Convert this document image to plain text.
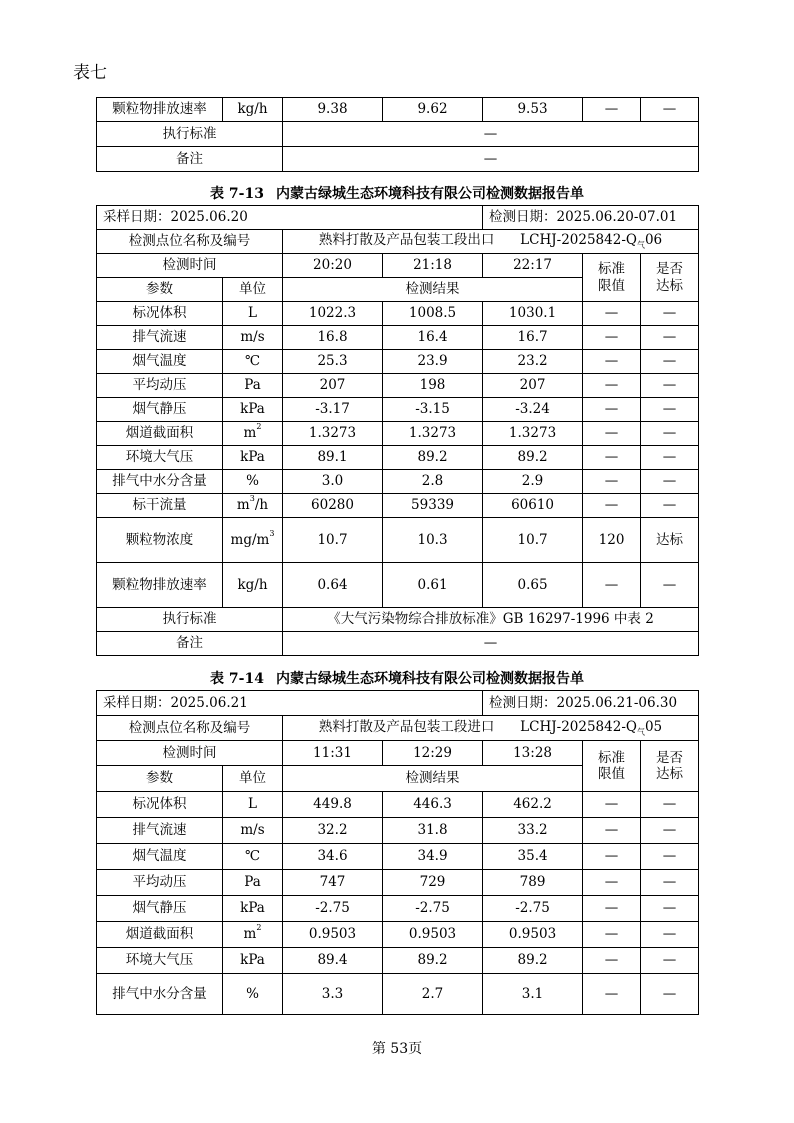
表七
颗粒物排放速率	kg/h	9.38	9.62	9.53	—	—
执行标准		—				
备注		—				
表 7-13 内蒙古绿城生态环境科技有限公司检测数据报告单
采样日期：2025.06.20				检测日期：2025.06.20-07.01		
检测点位名称及编号		熟料打散及产品包装工段出口 LCHJ-$2025842-Q_气06$				
检测时间		20:20	21:18	22:17	标准限值	是否达标
参数	单位	检测结果				
标况体积	L	1022.3	1008.5	1030.1	—	—
排气流速	m/s	16.8	16.4	16.7	—	—
烟气温度	℃	25.3	23.9	23.2	—	—
平均动压	Pa	207	198	207	—	—
烟气静压	kPa	-3.17	-3.15	-3.24	—	—
烟道截面积	$m^2$	1.3273	1.3273	1.3273	—	—
环境大气压	kPa	89.1	89.2	89.2	—	—
排气中水分含量	%	3.0	2.8	2.9	—	—
标干流量	$m^3/h$	60280	59339	60610	—	—
颗粒物浓度	$mg/m^3$	10.7	10.3	10.7	120	达标
颗粒物排放速率	kg/h	0.64	0.61	0.65	—	—
执行标准		《大气污染物综合排放标准》GB 16297-1996 中表 2				
备注		—				
表 7-14 内蒙古绿城生态环境科技有限公司检测数据报告单
采样日期：2025.06.21				检测日期：2025.06.21-06.30		
检测点位名称及编号		熟料打散及产品包装工段进口 LCHJ-$2025842-Q_气05$				
检测时间		11:31	12:29	13:28	标准限值	是否达标
参数	单位	检测结果				
标况体积	L	449.8	446.3	462.2	—	—
排气流速	m/s	32.2	31.8	33.2	—	—
烟气温度	℃	34.6	34.9	35.4	—	—
平均动压	Pa	747	729	789	—	—
烟气静压	kPa	-2.75	-2.75	-2.75	—	—
烟道截面积	$m^2$	0.9503	0.9503	0.9503	—	—
环境大气压	kPa	89.4	89.2	89.2	—	—
排气中水分含量	%	3.3	2.7	3.1	—	—
第 53页
